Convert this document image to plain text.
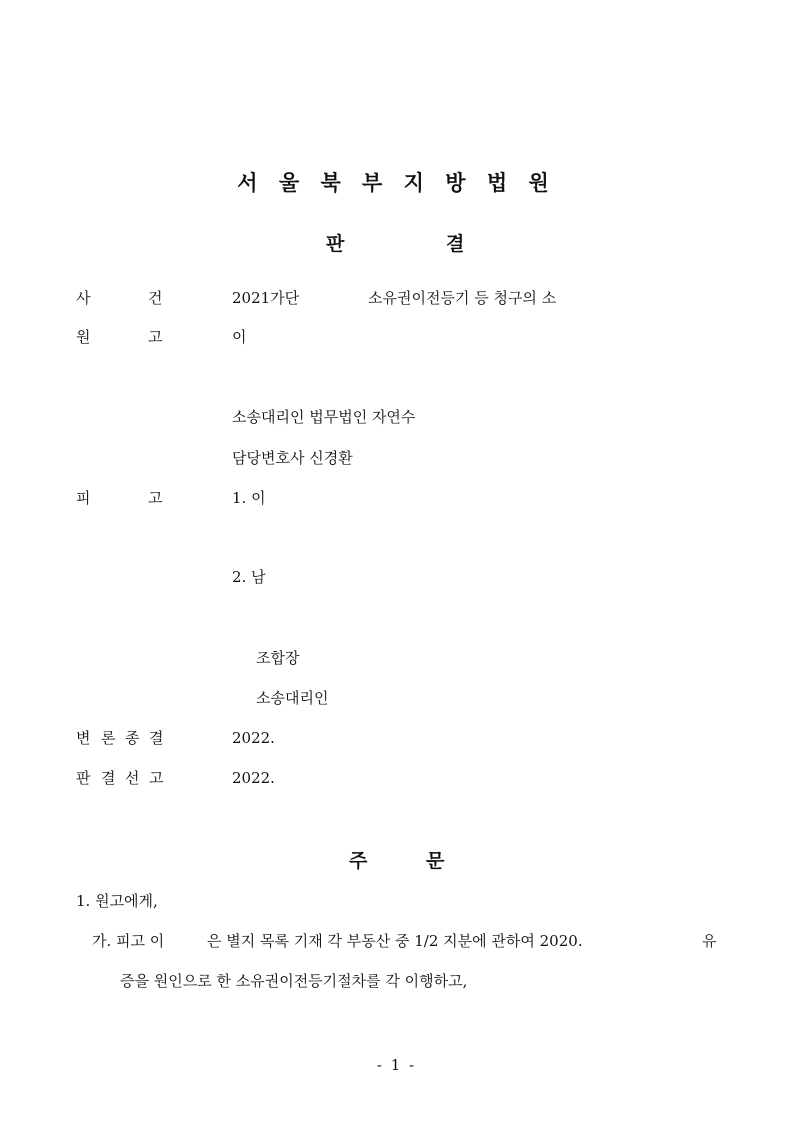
서 울 북 부 지 방 법 원
판	결
사	건	2021가단	소유권이전등기 등 청구의 소
원	고	이
소송대리인 법무법인 자연수
담당변호사 신경환
피	고	1. 이
2. 남
조합장
소송대리인
변 론 종 결	2022.
판 결 선 고	2022.
주	문
1. 원고에게,
가. 피고 이	은 별지 목록 기재 각 부동산 중 1/2 지분에 관하여 2020.	유
증을 원인으로 한 소유권이전등기절차를 각 이행하고,
- 1 -
